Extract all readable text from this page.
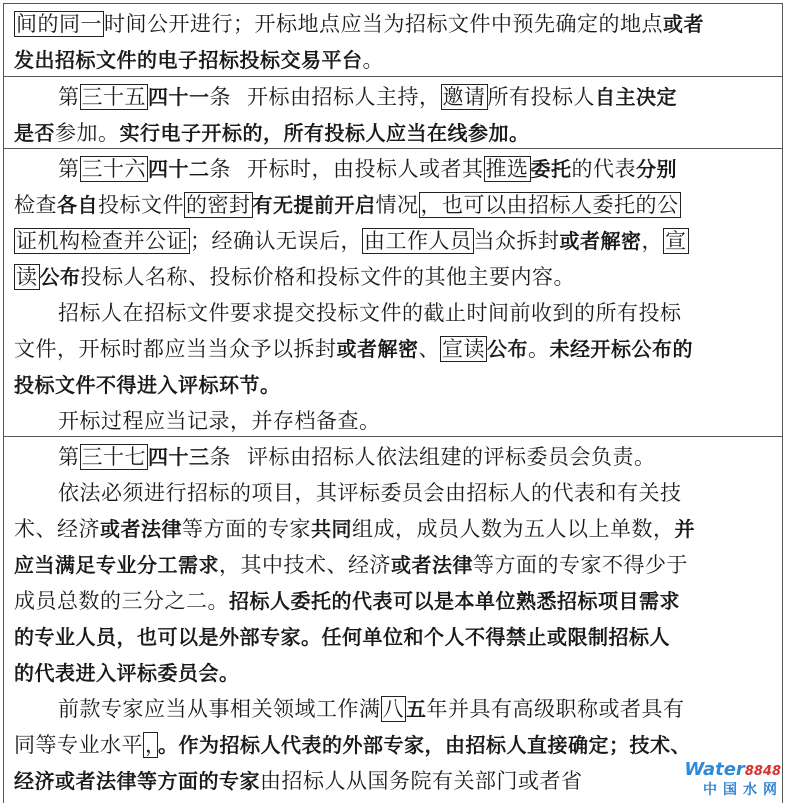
间的同一时间公开进行；开标地点应当为招标文件中预先确定的地点或者
发出招标文件的电子招标投标交易平台。
第三十五 四十一条 开标由招标人主持，邀请所有投标人自主决定
是否参加。实行电子开标的，所有投标人应当在线参加。
第三十六 四十二条 开标时，由投标人或者其推选 委托的代表分别
检查各自投标文件的密封 有无提前开启情况，也可以由招标人委托的公
证机构检查并公证；经确认无误后，由工作人员当众拆封或者解密，宣
读 公布投标人名称、投标价格和投标文件的其他主要内容。
招标人在招标文件要求提交投标文件的截止时间前收到的所有投标
文件，开标时都应当当众予以拆封或者解密、宣读 公布。未经开标公布的
投标文件不得进入评标环节。
开标过程应当记录，并存档备查。
第三十七 四十三条 评标由招标人依法组建的评标委员会负责。
依法必须进行招标的项目，其评标委员会由招标人的代表和有关技
术、经济或者法律等方面的专家共同组成，成员人数为五人以上单数，并
应当满足专业分工需求，其中技术、经济或者法律等方面的专家不得少于
成员总数的三分之二。招标人委托的代表可以是本单位熟悉招标项目需求
的专业人员，也可以是外部专家。任何单位和个人不得禁止或限制招标人
的代表进入评标委员会。
前款专家应当从事相关领域工作满八 五年并具有高级职称或者具有
同等专业水平， 。作为招标人代表的外部专家，由招标人直接确定；技术、
经济或者法律等方面的专家由招标人从国务院有关部门或者省	Water8848
中国水网
